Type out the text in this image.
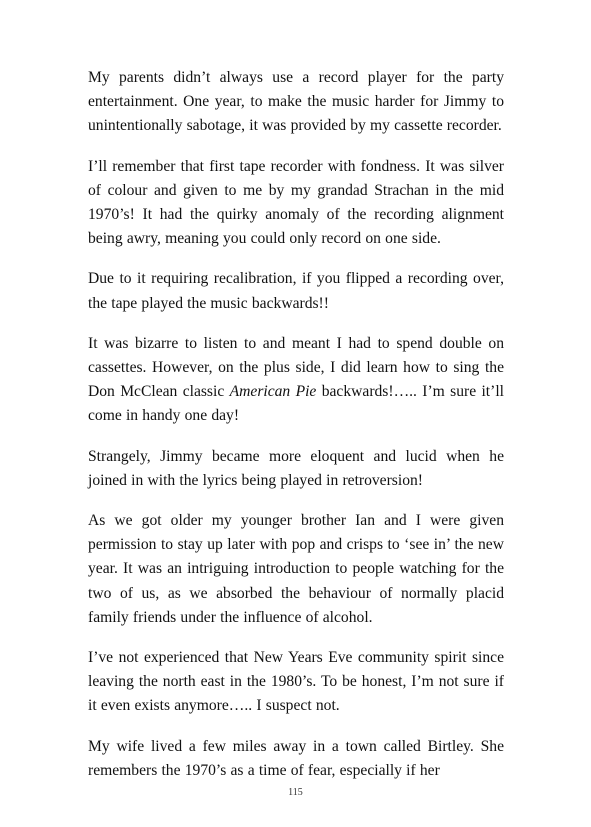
My parents didn’t always use a record player for the party entertainment. One year, to make the music harder for Jimmy to unintentionally sabotage, it was provided by my cassette recorder.

I’ll remember that first tape recorder with fondness. It was silver of colour and given to me by my grandad Strachan in the mid 1970’s! It had the quirky anomaly of the recording alignment being awry, meaning you could only record on one side.

Due to it requiring recalibration, if you flipped a recording over, the tape played the music backwards!!

It was bizarre to listen to and meant I had to spend double on cassettes. However, on the plus side, I did learn how to sing the Don McClean classic American Pie backwards!….. I’m sure it’ll come in handy one day!

Strangely, Jimmy became more eloquent and lucid when he joined in with the lyrics being played in retroversion!

As we got older my younger brother Ian and I were given permission to stay up later with pop and crisps to ‘see in’ the new year. It was an intriguing introduction to people watching for the two of us, as we absorbed the behaviour of normally placid family friends under the influence of alcohol.

I’ve not experienced that New Years Eve community spirit since leaving the north east in the 1980’s. To be honest, I’m not sure if it even exists anymore….. I suspect not.

My wife lived a few miles away in a town called Birtley. She remembers the 1970’s as a time of fear, especially if her

115
